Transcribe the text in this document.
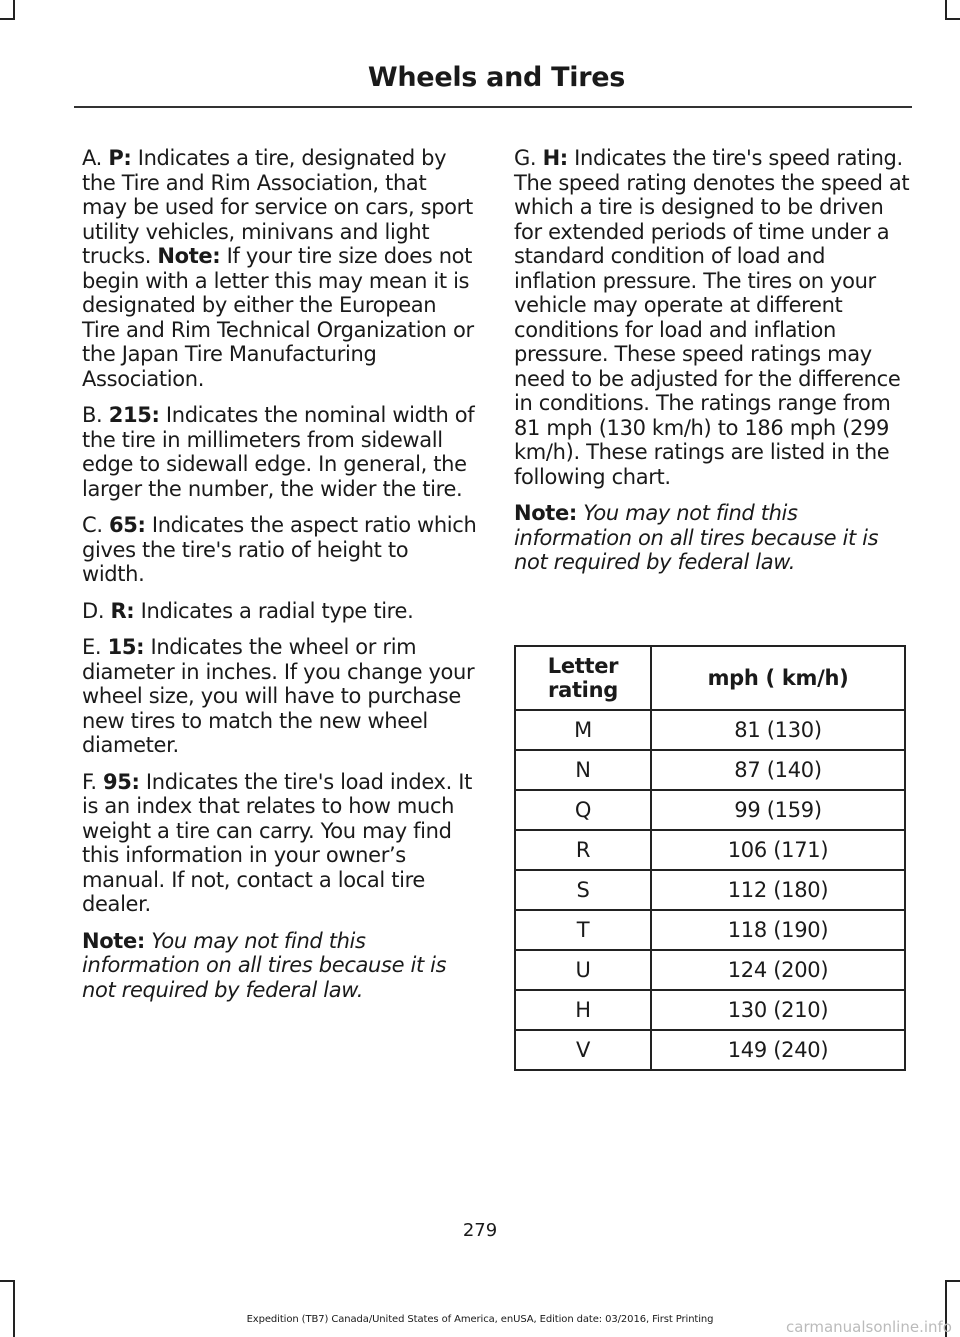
Wheels and Tires

A. P: Indicates a tire, designated by the Tire and Rim Association, that may be used for service on cars, sport utility vehicles, minivans and light trucks. Note: If your tire size does not begin with a letter this may mean it is designated by either the European Tire and Rim Technical Organization or the Japan Tire Manufacturing Association.

B. 215: Indicates the nominal width of the tire in millimeters from sidewall edge to sidewall edge. In general, the larger the number, the wider the tire.

C. 65: Indicates the aspect ratio which gives the tire's ratio of height to width.

D. R: Indicates a radial type tire.

E. 15: Indicates the wheel or rim diameter in inches. If you change your wheel size, you will have to purchase new tires to match the new wheel diameter.

F. 95: Indicates the tire's load index. It is an index that relates to how much weight a tire can carry. You may find this information in your owner’s manual. If not, contact a local tire dealer.

Note: You may not find this information on all tires because it is not required by federal law.

G. H: Indicates the tire's speed rating. The speed rating denotes the speed at which a tire is designed to be driven for extended periods of time under a standard condition of load and inflation pressure. The tires on your vehicle may operate at different conditions for load and inflation pressure. These speed ratings may need to be adjusted for the difference in conditions. The ratings range from 81 mph (130 km/h) to 186 mph (299 km/h). These ratings are listed in the following chart.

Note: You may not find this information on all tires because it is not required by federal law.

Letter rating	mph ( km/h)
M	81 (130)
N	87 (140)
Q	99 (159)
R	106 (171)
S	112 (180)
T	118 (190)
U	124 (200)
H	130 (210)
V	149 (240)
279
Expedition (TB7) Canada/United States of America, enUSA, Edition date: 03/2016, First Printing	carmanualsonline.info
